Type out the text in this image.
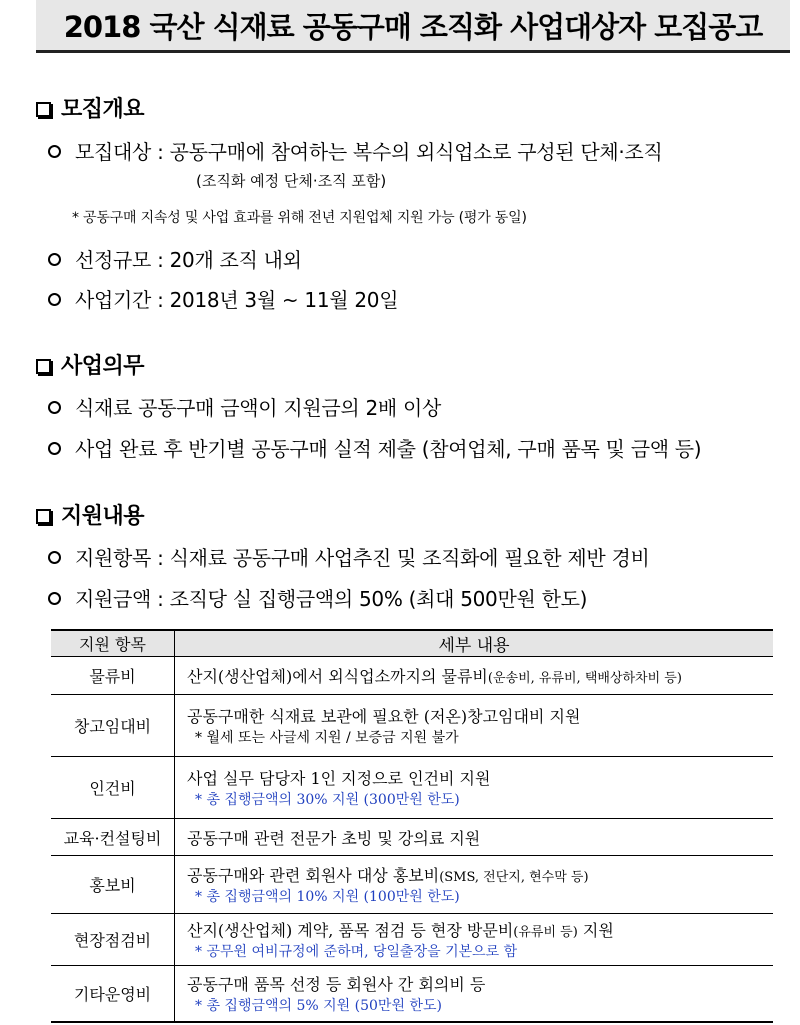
2018 국산 식재료 공동구매 조직화 사업대상자 모집공고
모집개요
모집대상 : 공동구매에 참여하는 복수의 외식업소로 구성된 단체·조직
(조직화 예정 단체·조직 포함)
* 공동구매 지속성 및 사업 효과를 위해 전년 지원업체 지원 가능 (평가 동일)
선정규모 : 20개 조직 내외
사업기간 : 2018년 3월 ~ 11월 20일
사업의무
식재료 공동구매 금액이 지원금의 2배 이상
사업 완료 후 반기별 공동구매 실적 제출 (참여업체, 구매 품목 및 금액 등)
지원내용
지원항목 : 식재료 공동구매 사업추진 및 조직화에 필요한 제반 경비
지원금액 : 조직당 실 집행금액의 50% (최대 500만원 한도)
지원 항목	세부 내용
물류비	산지(생산업체)에서 외식업소까지의 물류비(운송비, 유류비, 택배상하차비 등)
창고임대비	공동구매한 식재료 보관에 필요한 (저온)창고임대비 지원
* 월세 또는 사글세 지원 / 보증금 지원 불가

인건비	사업 실무 담당자 1인 지정으로 인건비 지원
* 총 집행금액의 30% 지원 (300만원 한도)

교육·컨설팅비	공동구매 관련 전문가 초빙 및 강의료 지원
홍보비	공동구매와 관련 회원사 대상 홍보비(SMS, 전단지, 현수막 등)
* 총 집행금액의 10% 지원 (100만원 한도)

현장점검비	산지(생산업체) 계약, 품목 점검 등 현장 방문비(유류비 등) 지원
* 공무원 여비규정에 준하며, 당일출장을 기본으로 함

기타운영비	공동구매 품목 선정 등 회원사 간 회의비 등
* 총 집행금액의 5% 지원 (50만원 한도)
